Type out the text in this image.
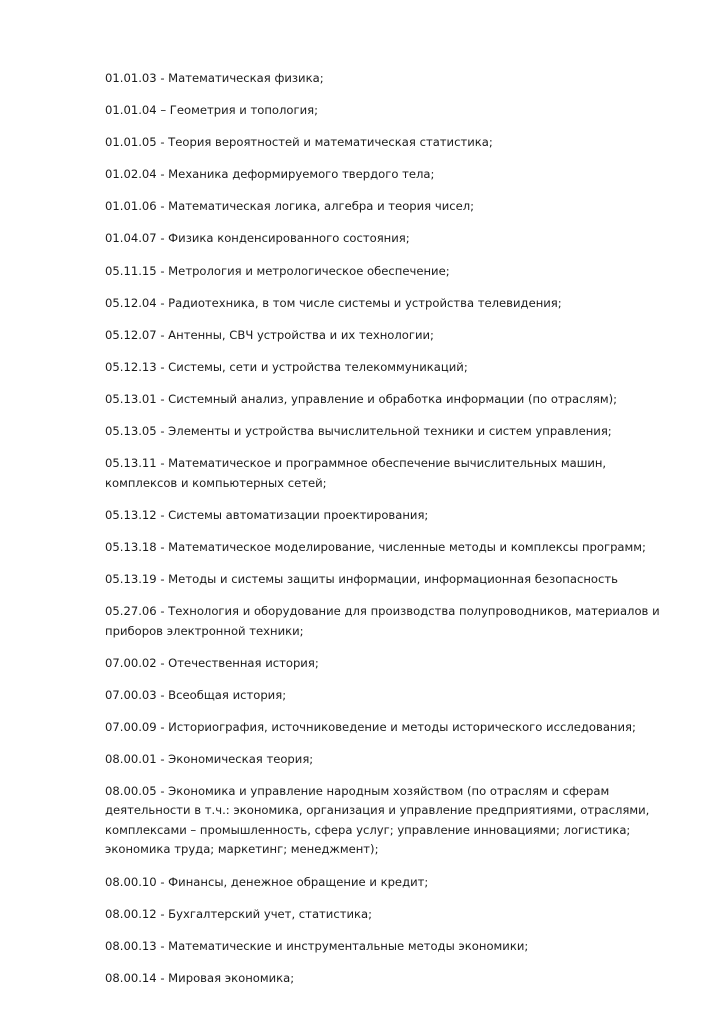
01.01.03 - Математическая физика;
01.01.04 – Геометрия и топология;
01.01.05 - Теория вероятностей и математическая статистика;
01.02.04 - Механика деформируемого твердого тела;
01.01.06 - Математическая логика, алгебра и теория чисел;
01.04.07 - Физика конденсированного состояния;
05.11.15 - Метрология и метрологическое обеспечение;
05.12.04 - Радиотехника, в том числе системы и устройства телевидения;
05.12.07 - Антенны, СВЧ устройства и их технологии;
05.12.13 - Системы, сети и устройства телекоммуникаций;
05.13.01 - Системный анализ, управление и обработка информации (по отраслям);
05.13.05 - Элементы и устройства вычислительной техники и систем управления;
05.13.11 - Математическое и программное обеспечение вычислительных машин, комплексов и компьютерных сетей;
05.13.12 - Системы автоматизации проектирования;
05.13.18 - Математическое моделирование, численные методы и комплексы программ;
05.13.19 - Методы и системы защиты информации, информационная безопасность
05.27.06 - Технология и оборудование для производства полупроводников, материалов и приборов электронной техники;
07.00.02 - Отечественная история;
07.00.03 - Всеобщая история;
07.00.09 - Историография, источниковедение и методы исторического исследования;
08.00.01 - Экономическая теория;
08.00.05 - Экономика и управление народным хозяйством (по отраслям и сферам деятельности в т.ч.: экономика, организация и управление предприятиями, отраслями, комплексами – промышленность, сфера услуг; управление инновациями; логистика; экономика труда; маркетинг; менеджмент);
08.00.10 - Финансы, денежное обращение и кредит;
08.00.12 - Бухгалтерский учет, статистика;
08.00.13 - Математические и инструментальные методы экономики;
08.00.14 - Мировая экономика;
